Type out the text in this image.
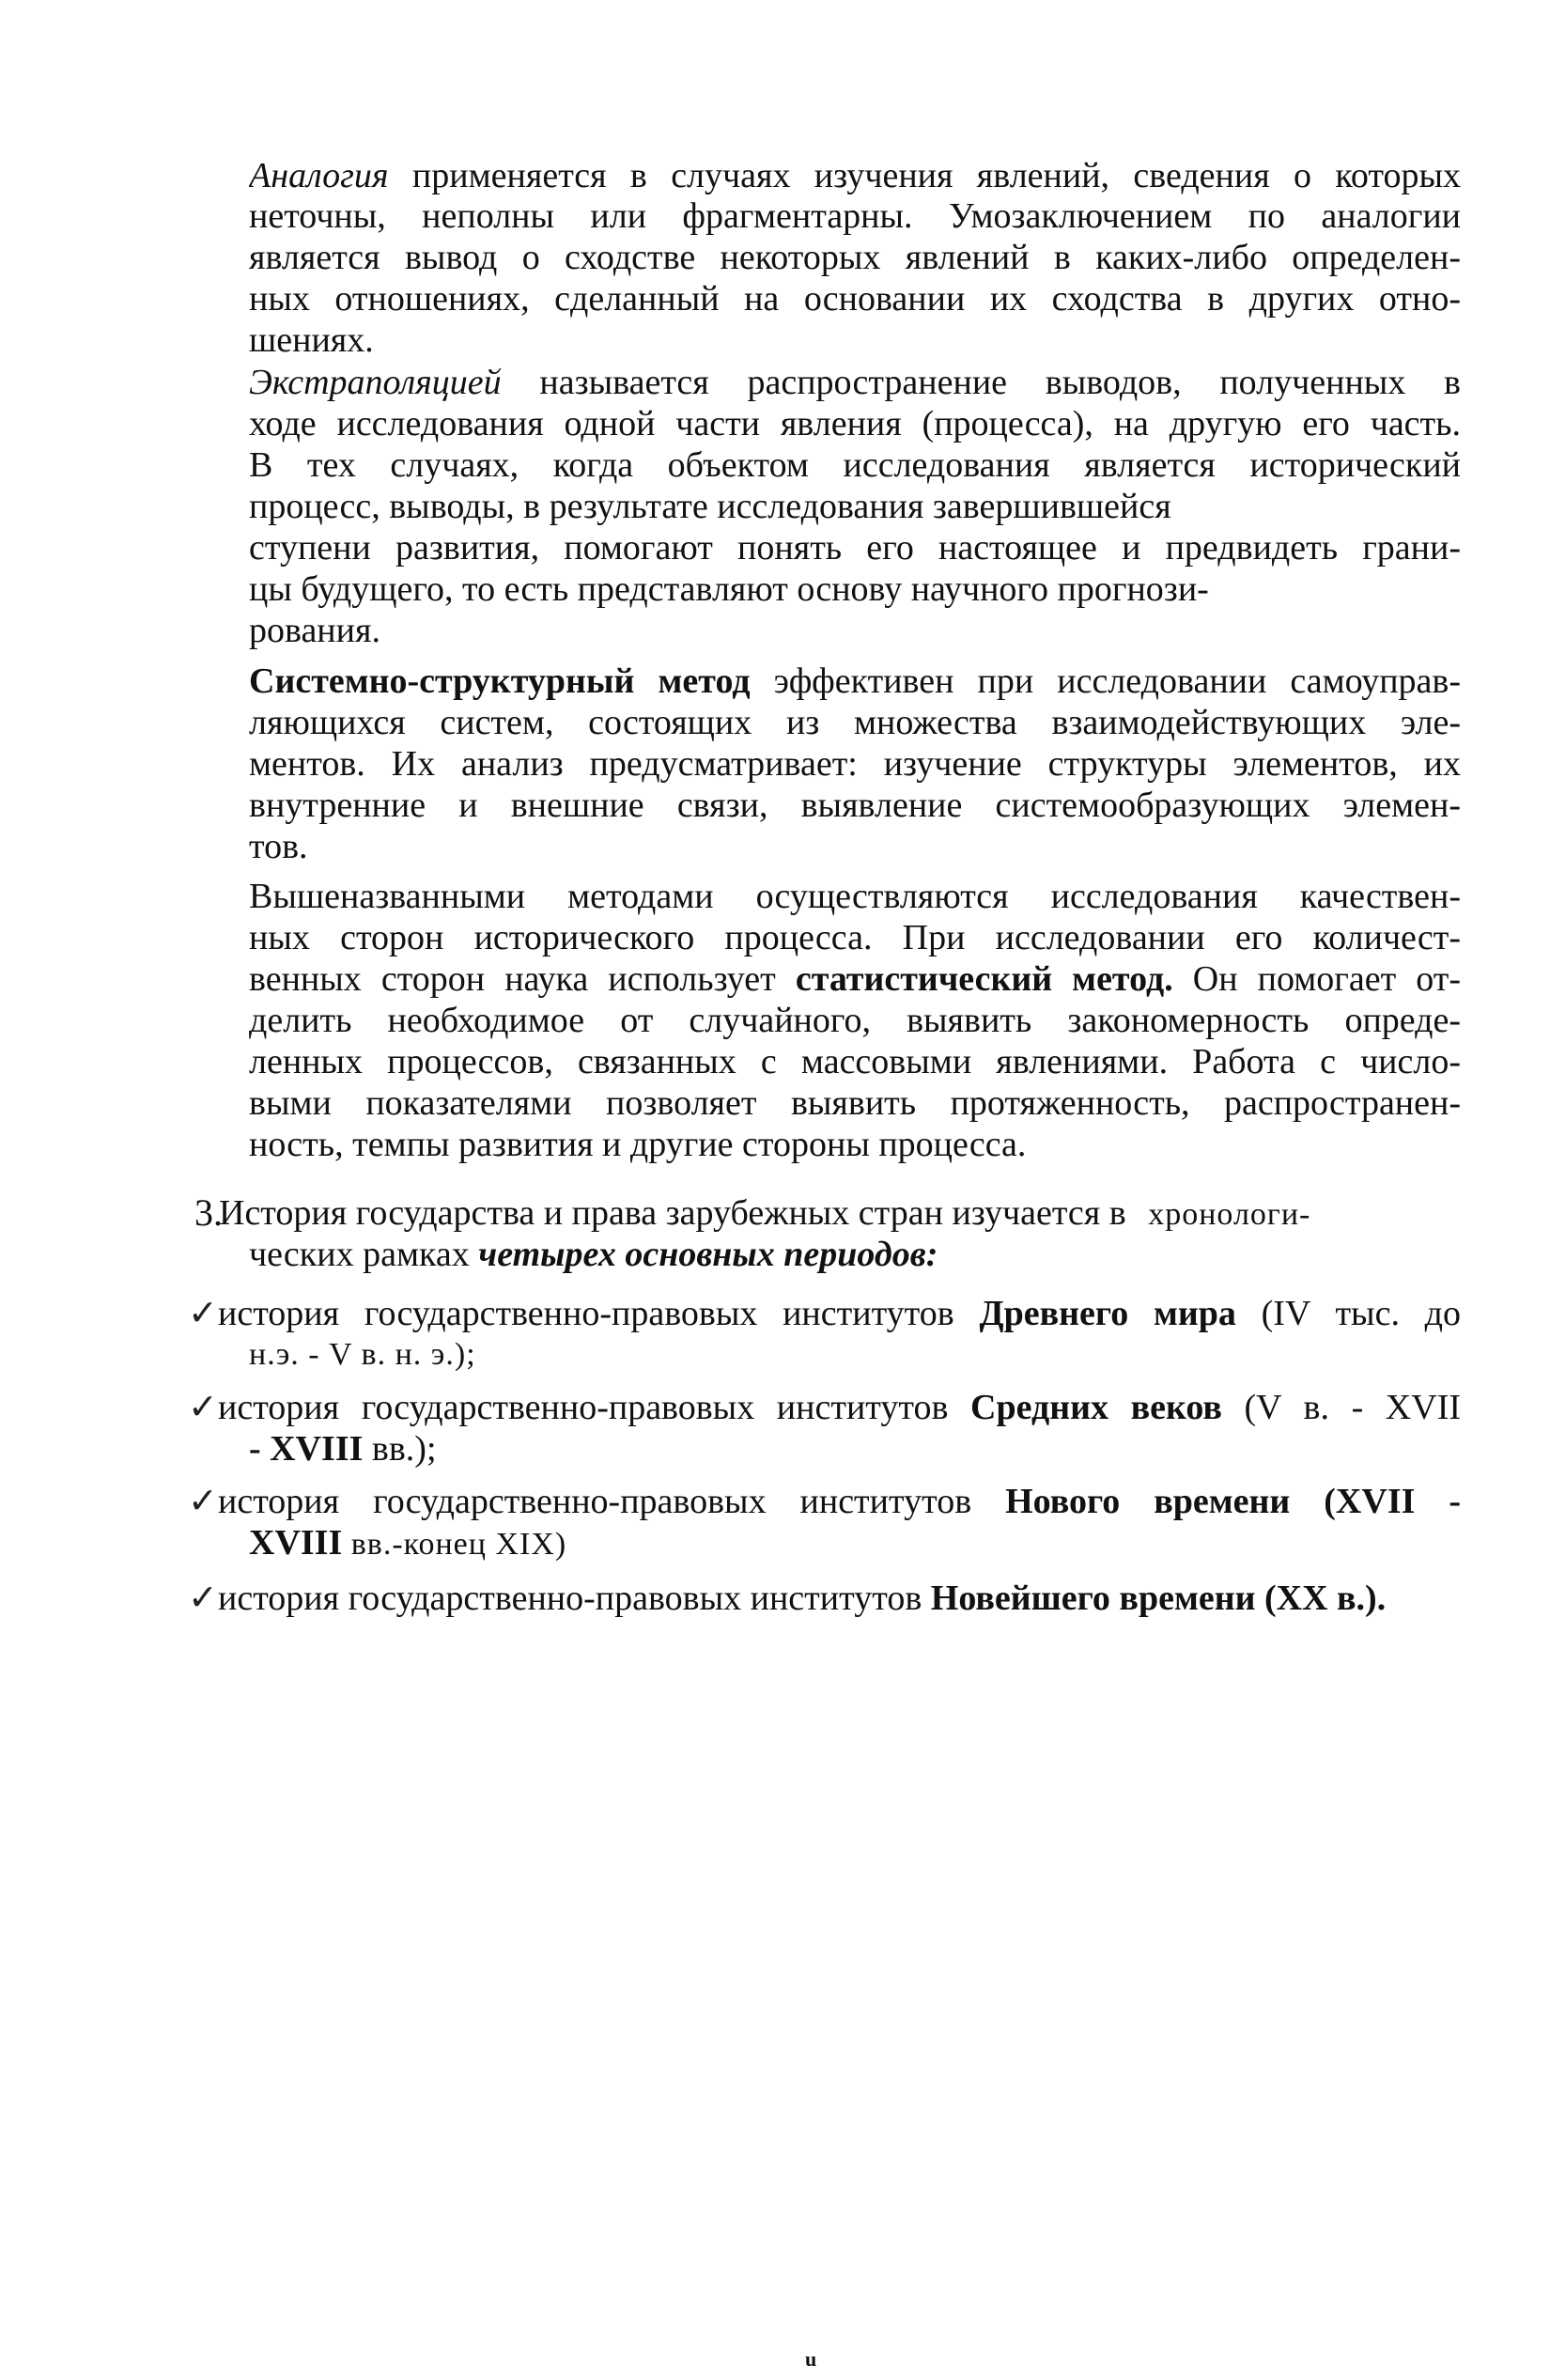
Аналогия применяется в случаях изучения явлений, сведения о которых
неточны, неполны или фрагментарны. Умозаключением по аналогии
является вывод о сходстве некоторых явлений в каких-либо определен-
ных отношениях, сделанный на основании их сходства в других отно-
шениях.
Экстраполяцией называется распространение выводов, полученных в
ходе исследования одной части явления (процесса), на другую его часть.
В тех случаях, когда объектом исследования является исторический
процесс, выводы, в результате исследования завершившейся
ступени развития, помогают понять его настоящее и предвидеть грани-
цы будущего, то есть представляют основу научного прогнози-
рования.
Системно-структурный метод эффективен при исследовании самоуправ-
ляющихся систем, состоящих из множества взаимодействующих эле-
ментов. Их анализ предусматривает: изучение структуры элементов, их
внутренние и внешние связи, выявление системообразующих элемен-
тов.
Вышеназванными методами осуществляются исследования качествен-
ных сторон исторического процесса. При исследовании его количест-
венных сторон наука использует статистический метод. Он помогает от-
делить необходимое от случайного, выявить закономерность опреде-
ленных процессов, связанных с массовыми явлениями. Работа с число-
выми показателями позволяет выявить протяженность, распространен-
ность, темпы развития и другие стороны процесса.
3.
История государства и права зарубежных стран изучается в хронологи-
ческих рамках четырех основных периодов:
✓ история государственно-правовых институтов Древнего мира (IV тыс. до
н.э. - V в. н. э.);
✓ история государственно-правовых институтов Средних веков (V в. - XVII
- XVIII вв.);
✓ история государственно-правовых институтов Нового времени (XVII -
XVIII вв.-конец XIX)
✓ история государственно-правовых институтов Новейшего времени (XX в.).
u
